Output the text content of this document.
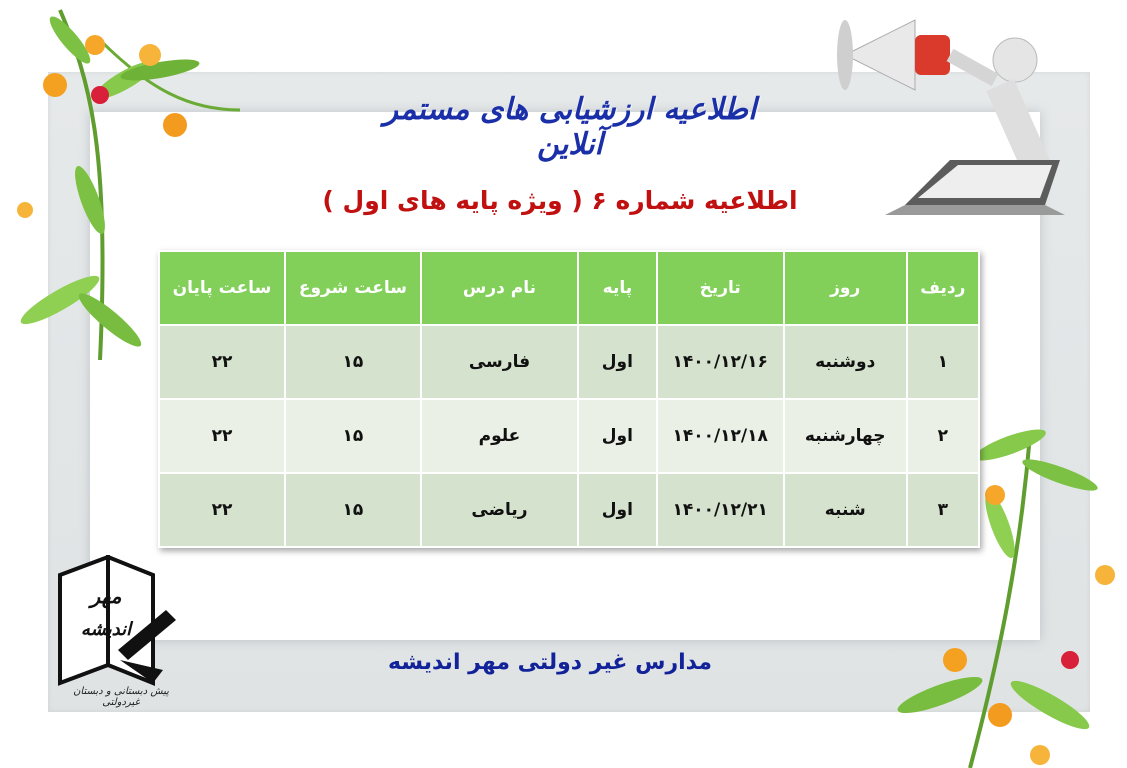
اطلاعیه ارزشیابی های مستمر آنلاین
اطلاعیه شماره ۶ ( ویژه پایه های اول )
ردیف	روز	تاریخ	پایه	نام درس	ساعت شروع	ساعت پایان
۱	دوشنبه	۱۴۰۰/۱۲/۱۶	اول	فارسی	۱۵	۲۲
۲	چهارشنبه	۱۴۰۰/۱۲/۱۸	اول	علوم	۱۵	۲۲
۳	شنبه	۱۴۰۰/۱۲/۲۱	اول	ریاضی	۱۵	۲۲
مهر
اندیشه
پیش دبستانی و دبستان غیردولتی
مدارس غیر دولتی مهر اندیشه
